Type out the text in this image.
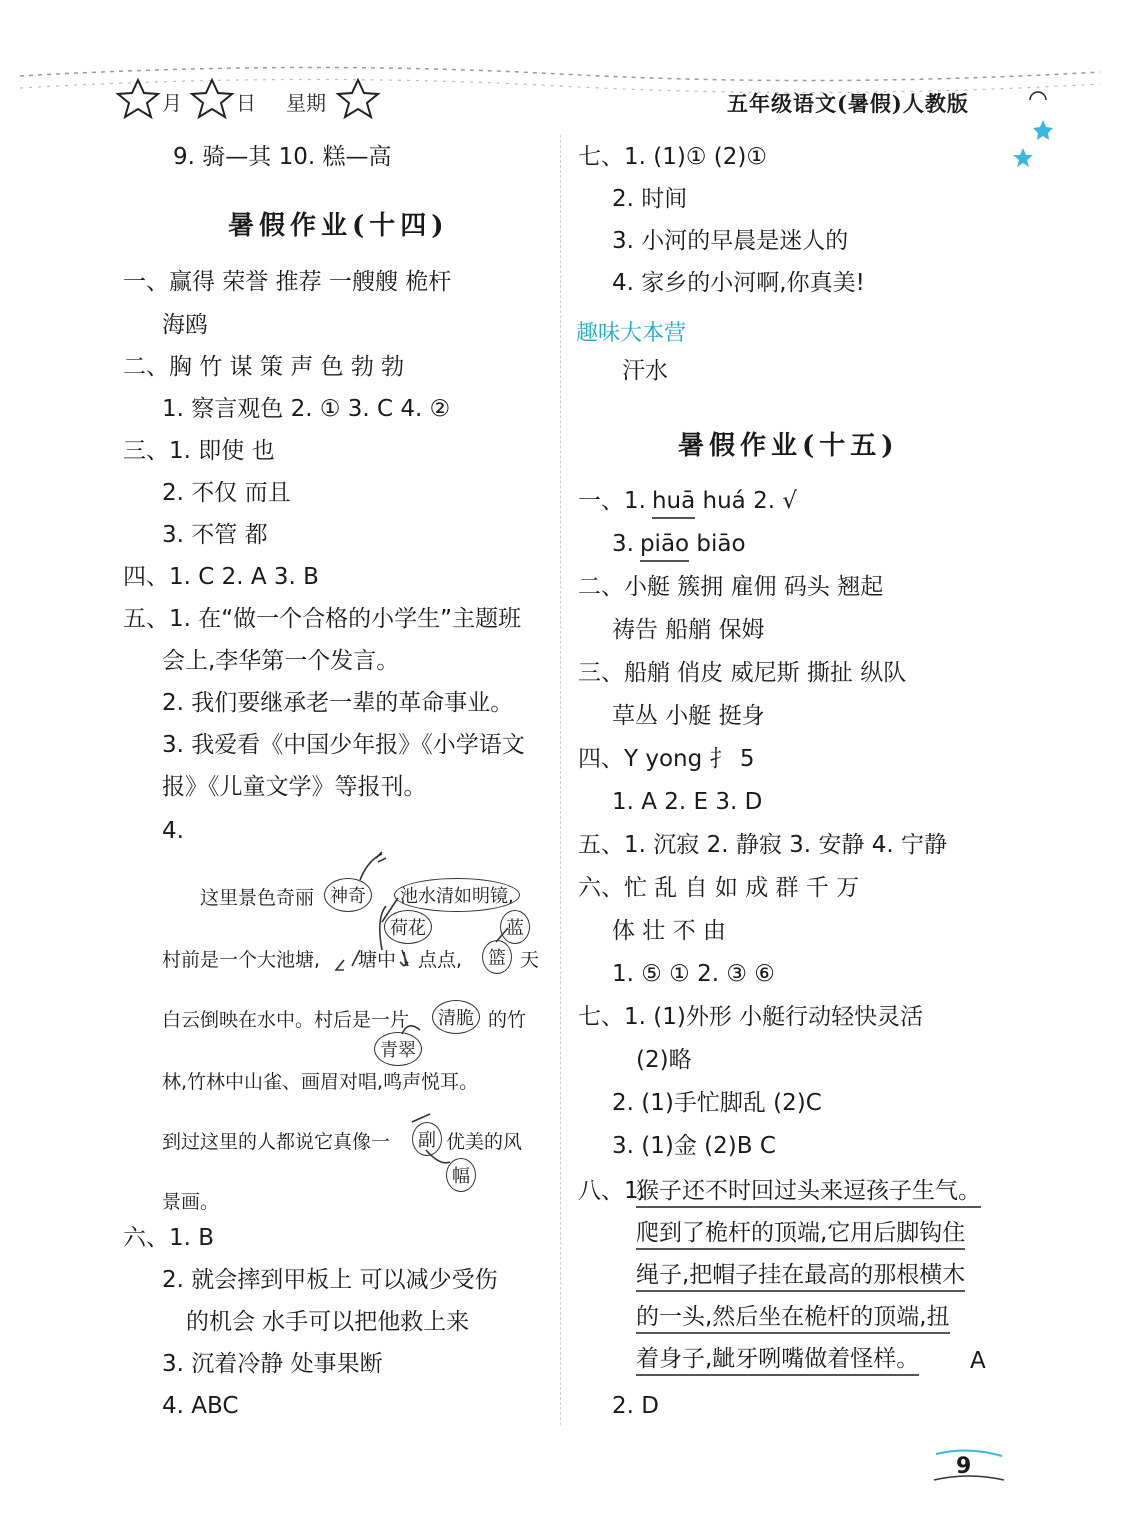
月	日 星期	五年级语文(暑假)人教版
9. 骑—其 10. 糕—高
暑假作业(十四)
一、赢得 荣誉 推荐 一艘艘 桅杆
海鸥
二、胸 竹 谋 策 声 色 勃 勃
1. 察言观色 2. ① 3. C 4. ②
三、1. 即使 也
2. 不仅 而且
3. 不管 都
四、1. C 2. A 3. B
五、1. 在“做一个合格的小学生”主题班
会上,李华第一个发言。
2. 我们要继承老一辈的革命事业。
3. 我爱看《中国少年报》《小学语文
报》《儿童文学》等报刊。
4.
这里景色奇丽 神奇	池水清如明镜,
荷花	蓝
村前是一个大池塘, 塘中 点点,	篮 天
白云倒映在水中。村后是一片	清脆 的竹
青翠
林,竹林中山雀、画眉对唱,鸣声悦耳。
到过这里的人都说它真像一	副 优美的风
幅
景画。
六、1. B
2. 就会摔到甲板上 可以减少受伤
的机会 水手可以把他救上来
3. 沉着冷静 处事果断
4. ABC
七、1. (1)① (2)①
2. 时间
3. 小河的早晨是迷人的
4. 家乡的小河啊,你真美!
趣味大本营
汗水
暑假作业(十五)
一、1. huā huá 2. √
3. piāo biāo
二、小艇 簇拥 雇佣 码头 翘起
祷告 船艄 保姆
三、船艄 俏皮 威尼斯 撕扯 纵队
草丛 小艇 挺身
四、Y yong 扌 5
1. A 2. E 3. D
五、1. 沉寂 2. 静寂 3. 安静 4. 宁静
六、忙 乱 自 如 成 群 千 万
体 壮 不 由
1. ⑤ ① 2. ③ ⑥
七、1. (1)外形 小艇行动轻快灵活
(2)略
2. (1)手忙脚乱 (2)C
3. (1)金 (2)B C
八、1.
猴子还不时回过头来逗孩子生气。
爬到了桅杆的顶端,它用后脚钩住
绳子,把帽子挂在最高的那根横木
的一头,然后坐在桅杆的顶端,扭
着身子,龇牙咧嘴做着怪样。 A
2. D
9
